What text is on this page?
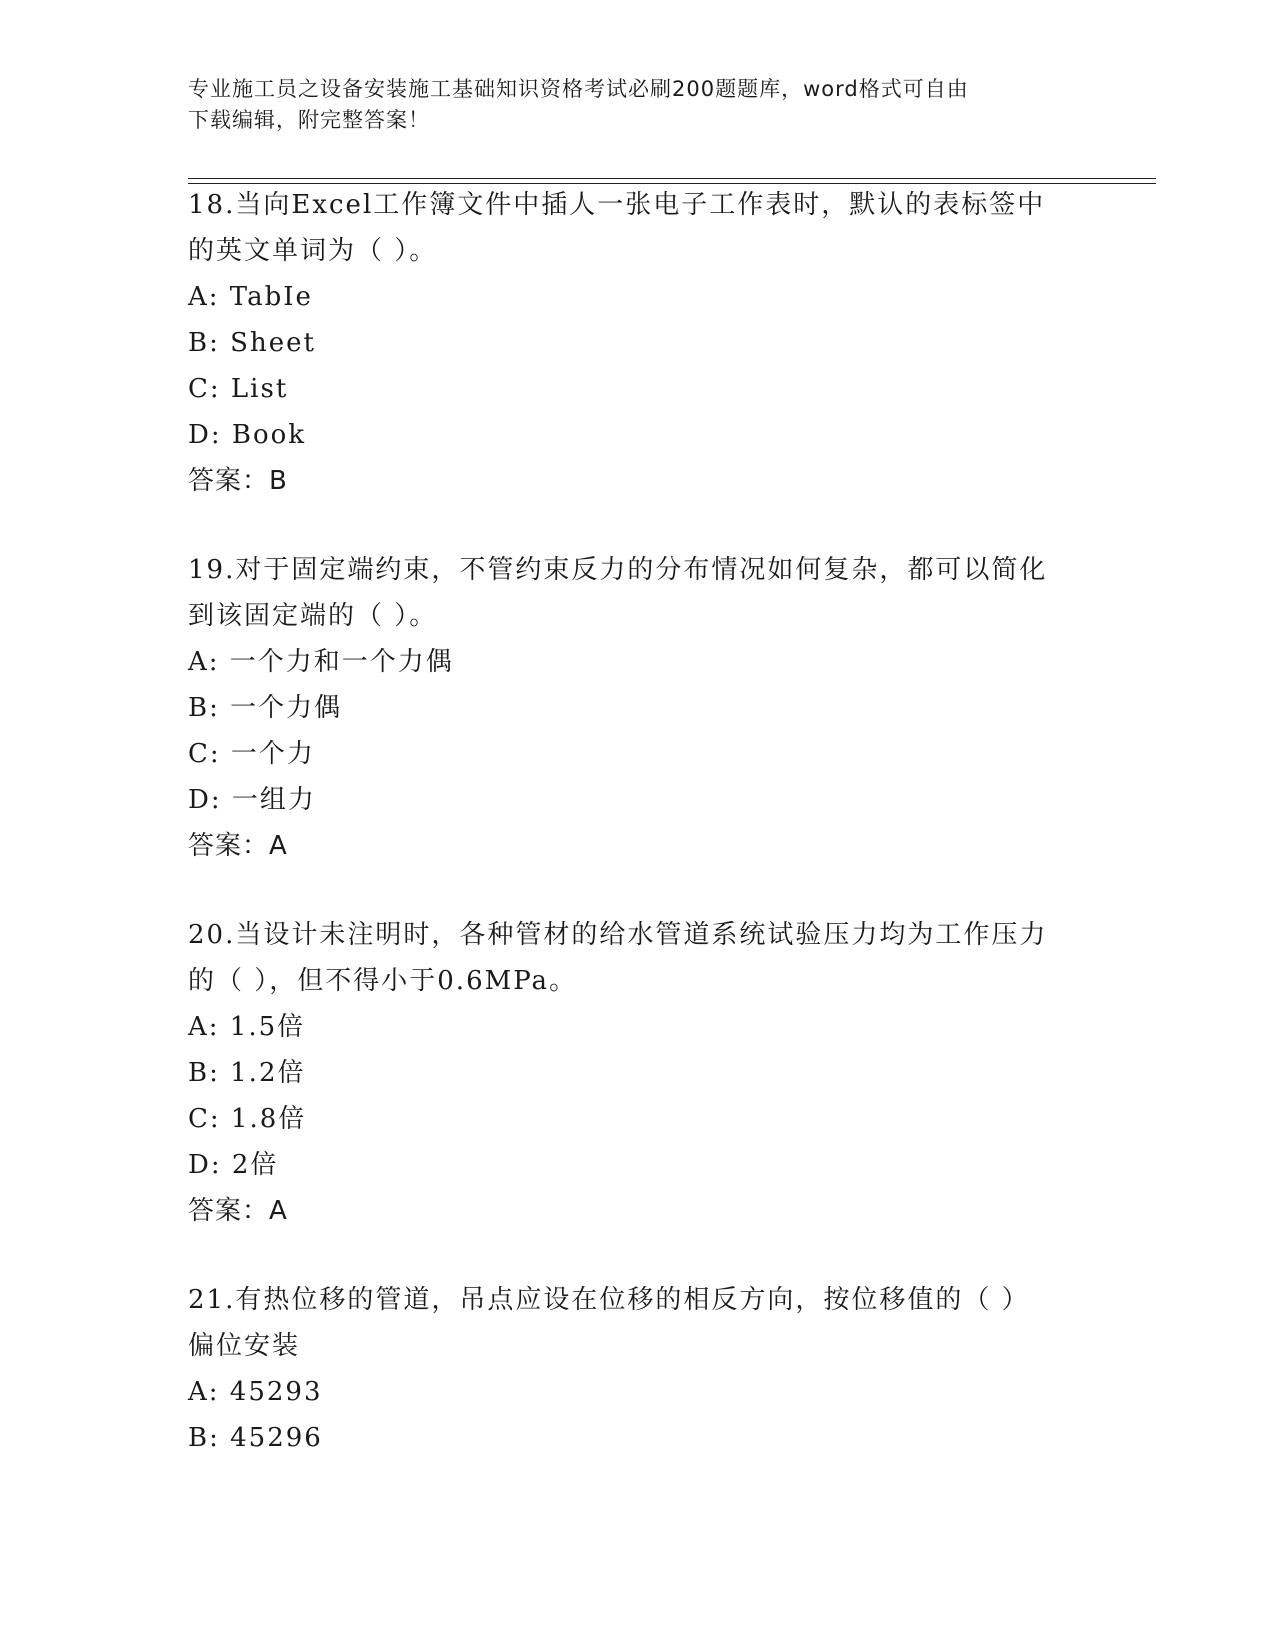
专业施工员之设备安装施工基础知识资格考试必刷200题题库，word格式可自由
下载编辑，附完整答案！
18.当向Excel工作簿文件中插人一张电子工作表时，默认的表标签中
的英文单词为（ ）。
A: TabIe
B: Sheet
C: List
D: Book
答案：B
19.对于固定端约束，不管约束反力的分布情况如何复杂，都可以简化
到该固定端的（ ）。
A: 一个力和一个力偶
B: 一个力偶
C: 一个力
D: 一组力
答案：A
20.当设计未注明时，各种管材的给水管道系统试验压力均为工作压力
的（ ），但不得小于0.6MPa。
A: 1.5倍
B: 1.2倍
C: 1.8倍
D: 2倍
答案：A
21.有热位移的管道，吊点应设在位移的相反方向，按位移值的（ ）
偏位安装
A: 45293
B: 45296
